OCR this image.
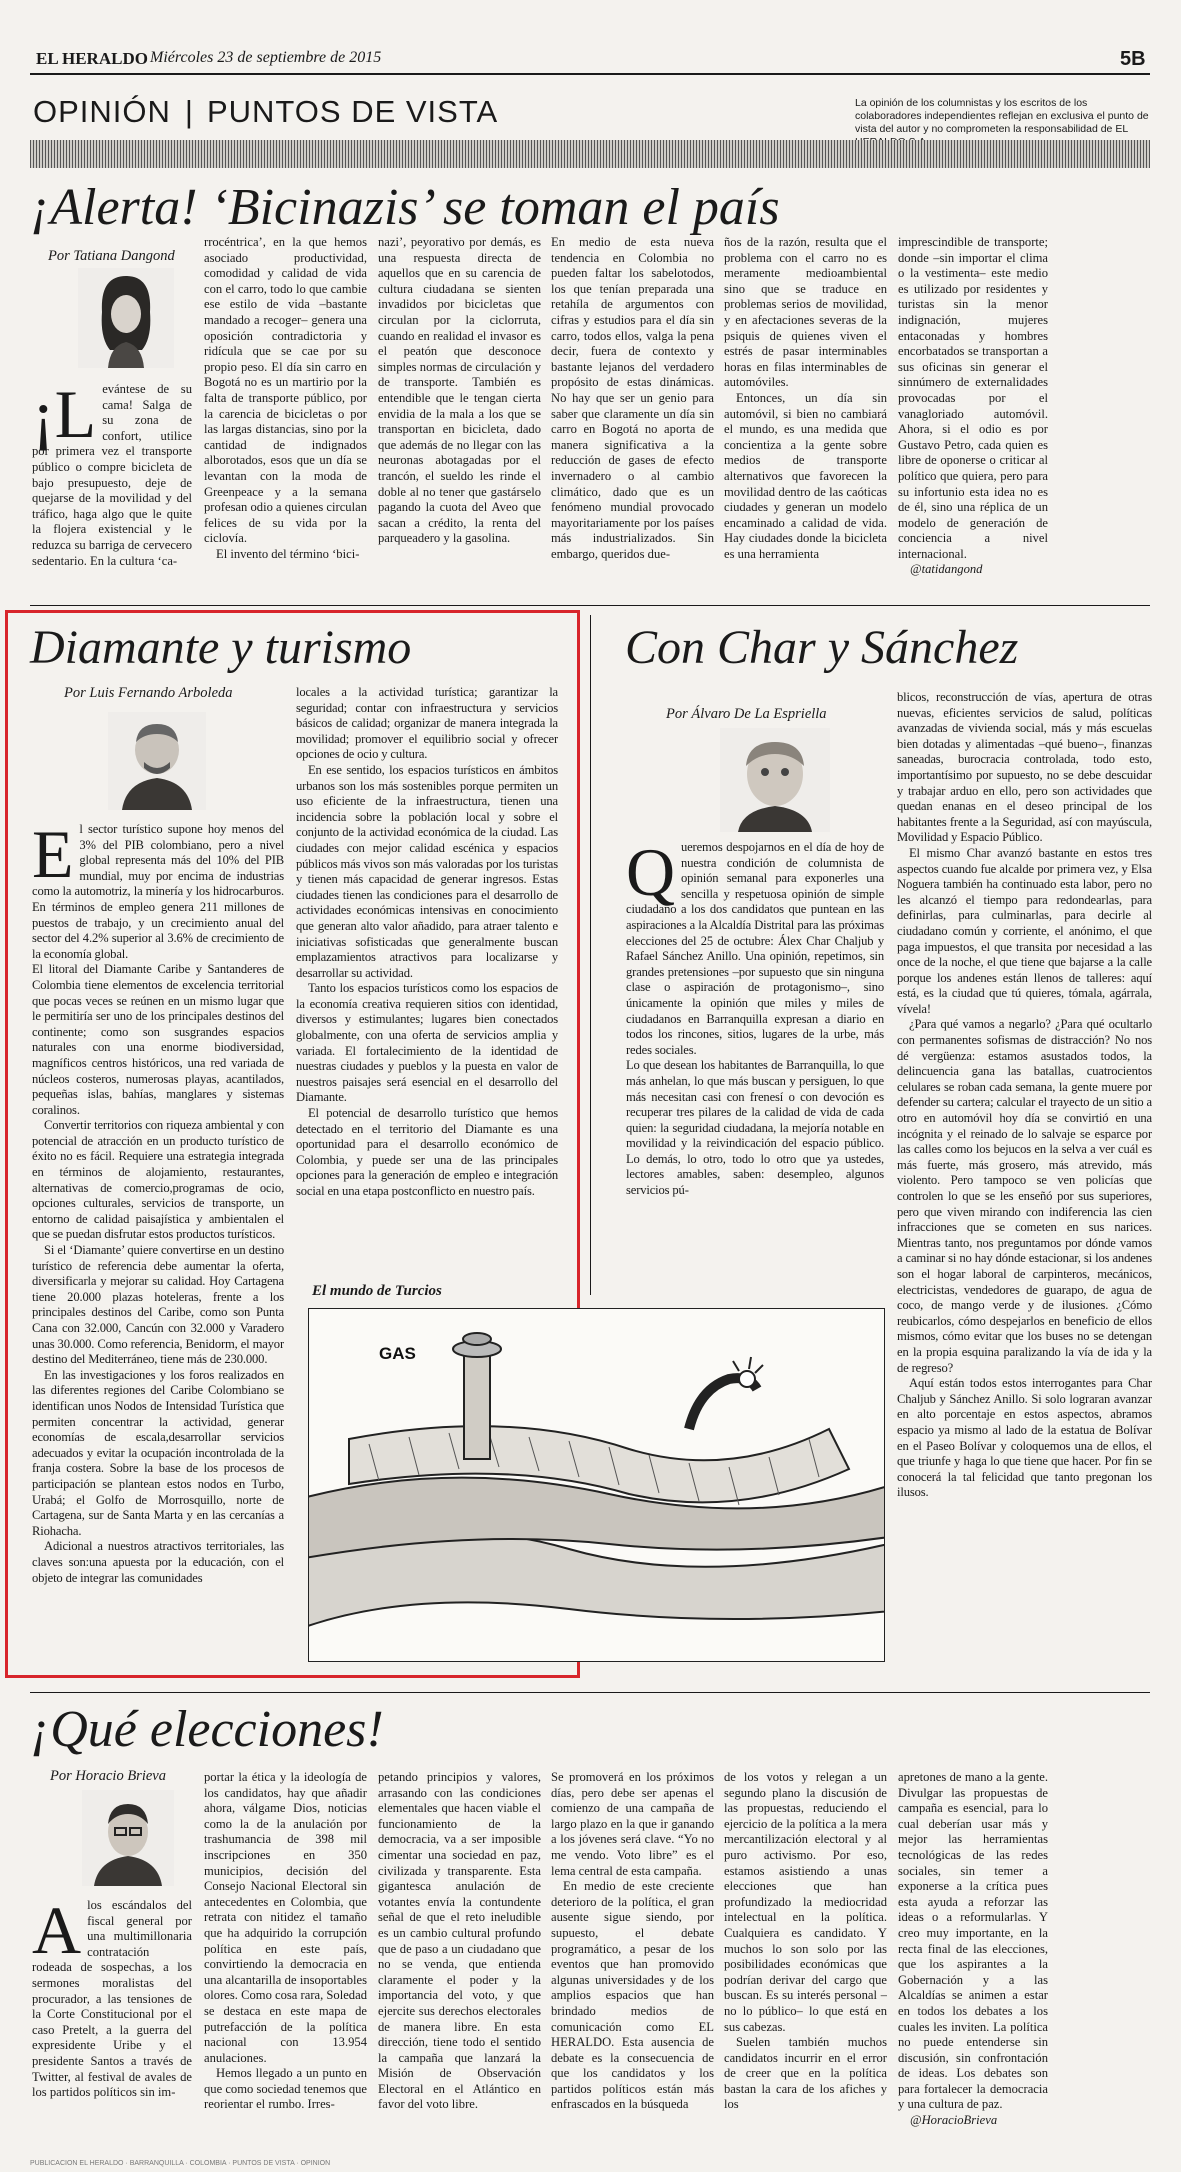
EL HERALDO Miércoles 23 de septiembre de 2015	5B
OPINIÓN | PUNTOS DE VISTA	La opinión de los columnistas y los escritos de los colaboradores independientes reflejan en exclusiva el punto de vista del autor y no comprometen la responsabilidad de EL
¡Alerta! ‘Bicinazis’ se toman el país
Por Tatiana Dangond
¡L evántese de su cama! Salga de su zona de confort, utilice por primera vez el transporte público o compre bicicleta de bajo presupuesto, deje de quejarse de la movilidad y del tráfico, haga algo que le quite la flojera existencial y le reduzca su barriga de cervecero sedentario. En la cultura ‘ca-

rrocéntrica’, en la que hemos asociado productividad, comodidad y calidad de vida con el carro, todo lo que cambie ese estilo de vida –bastante mandado a recoger– genera una oposición contradictoria y ridícula que se cae por su propio peso. El día sin carro en Bogotá no es un martirio por la falta de transporte público, por la carencia de bicicletas o por las largas distancias, sino por la cantidad de indignados alborotados, esos que un día se levantan con la moda de Greenpeace y a la semana profesan odio a quienes circulan felices de su vida por la ciclovía.

El invento del término ‘bici-

nazi’, peyorativo por demás, es una respuesta directa de aquellos que en su carencia de cultura ciudadana se sienten invadidos por bicicletas que circulan por la ciclorruta, cuando en realidad el invasor es el peatón que desconoce simples normas de circulación y de transporte. También es entendible que le tengan cierta envidia de la mala a los que se transportan en bicicleta, dado que además de no llegar con las neuronas abotagadas por el trancón, el sueldo les rinde el doble al no tener que gastárselo pagando la cuota del Aveo que sacan a crédito, la renta del parqueadero y la gasolina.

En medio de esta nueva tendencia en Colombia no pueden faltar los sabelotodos, los que tenían preparada una retahíla de argumentos con cifras y estudios para el día sin carro, todos ellos, valga la pena decir, fuera de contexto y bastante lejanos del verdadero propósito de estas dinámicas. No hay que ser un genio para saber que claramente un día sin carro en Bogotá no aporta de manera significativa a la reducción de gases de efecto invernadero o al cambio climático, dado que es un fenómeno mundial provocado mayoritariamente por los países más industrializados. Sin embargo, queridos due-

ños de la razón, resulta que el problema con el carro no es meramente medioambiental sino que se traduce en problemas serios de movilidad, y en afectaciones severas de la psiquis de quienes viven el estrés de pasar interminables horas en filas interminables de automóviles.

Entonces, un día sin automóvil, si bien no cambiará el mundo, es una medida que concientiza a la gente sobre medios de transporte alternativos que favorecen la movilidad dentro de las caóticas ciudades y generan un modelo encaminado a calidad de vida. Hay ciudades donde la bicicleta es una herramienta

imprescindible de transporte; donde –sin importar el clima o la vestimenta– este medio es utilizado por residentes y turistas sin la menor indignación, mujeres entaconadas y hombres encorbatados se transportan a sus oficinas sin generar el sinnúmero de externalidades provocadas por el vanagloriado automóvil. Ahora, si el odio es por Gustavo Petro, cada quien es libre de oponerse o criticar al político que quiera, pero para su infortunio esta idea no es de él, sino una réplica de un modelo de generación de conciencia a nivel internacional.

@tatidangond

Diamante y turismo
Por Luis Fernando Arboleda
El sector turístico supone hoy menos del 3% del PIB colombiano, pero a nivel global representa más del 10% del PIB mundial, muy por encima de industrias como la automotriz, la minería y los hidrocarburos. En términos de empleo genera 211 millones de puestos de trabajo, y un crecimiento anual del sector del 4.2% superior al 3.6% de crecimiento de la economía global.

El litoral del Diamante Caribe y Santanderes de Colombia tiene elementos de excelencia territorial que pocas veces se reúnen en un mismo lugar que le permitiría ser uno de los principales destinos del continente; como son susgrandes espacios naturales con una enorme biodiversidad, magníficos centros históricos, una red variada de núcleos costeros, numerosas playas, acantilados, pequeñas islas, bahías, manglares y sistemas coralinos.

Convertir territorios con riqueza ambiental y con potencial de atracción en un producto turístico de éxito no es fácil. Requiere una estrategia integrada en términos de alojamiento, restaurantes, alternativas de comercio,programas de ocio, opciones culturales, servicios de transporte, un entorno de calidad paisajística y ambientalen el que se puedan disfrutar estos productos turísticos.

Si el ‘Diamante’ quiere convertirse en un destino turístico de referencia debe aumentar la oferta, diversificarla y mejorar su calidad. Hoy Cartagena tiene 20.000 plazas hoteleras, frente a los principales destinos del Caribe, como son Punta Cana con 32.000, Cancún con 32.000 y Varadero unas 30.000. Como referencia, Benidorm, el mayor destino del Mediterráneo, tiene más de 230.000.

En las investigaciones y los foros realizados en las diferentes regiones del Caribe Colombiano se identifican unos Nodos de Intensidad Turística que permiten concentrar la actividad, generar economías de escala,desarrollar servicios adecuados y evitar la ocupación incontrolada de la franja costera. Sobre la base de los procesos de participación se plantean estos nodos en Turbo, Urabá; el Golfo de Morrosquillo, norte de Cartagena, sur de Santa Marta y en las cercanías a Riohacha.

Adicional a nuestros atractivos territoriales, las claves son:una apuesta por la educación, con el objeto de integrar las comunidades

locales a la actividad turística; garantizar la seguridad; contar con infraestructura y servicios básicos de calidad; organizar de manera integrada la movilidad; promover el equilibrio social y ofrecer opciones de ocio y cultura.

En ese sentido, los espacios turísticos en ámbitos urbanos son los más sostenibles porque permiten un uso eficiente de la infraestructura, tienen una incidencia sobre la población local y sobre el conjunto de la actividad económica de la ciudad. Las ciudades con mejor calidad escénica y espacios públicos más vivos son más valoradas por los turistas y tienen más capacidad de generar ingresos. Estas ciudades tienen las condiciones para el desarrollo de actividades económicas intensivas en conocimiento que generan alto valor añadido, para atraer talento e iniciativas sofisticadas que generalmente buscan emplazamientos atractivos para localizarse y desarrollar su actividad.

Tanto los espacios turísticos como los espacios de la economía creativa requieren sitios con identidad, diversos y estimulantes; lugares bien conectados globalmente, con una oferta de servicios amplia y variada. El fortalecimiento de la identidad de nuestras ciudades y pueblos y la puesta en valor de nuestros paisajes será esencial en el desarrollo del Diamante.

El potencial de desarrollo turístico que hemos detectado en el territorio del Diamante es una oportunidad para el desarrollo económico de Colombia, y puede ser una de las principales opciones para la generación de empleo e integración social en una etapa postconflicto en nuestro país.

Con Char y Sánchez
Por Álvaro De La Espriella
Queremos despojarnos en el día de hoy de nuestra condición de columnista de opinión semanal para exponerles una sencilla y respetuosa opinión de simple ciudadano a los dos candidatos que puntean en las aspiraciones a la Alcaldía Distrital para las próximas elecciones del 25 de octubre: Álex Char Chaljub y Rafael Sánchez Anillo. Una opinión, repetimos, sin grandes pretensiones –por supuesto que sin ninguna clase o aspiración de protagonismo–, sino únicamente la opinión que miles y miles de ciudadanos en Barranquilla expresan a diario en todos los rincones, sitios, lugares de la urbe, más redes sociales.

Lo que desean los habitantes de Barranquilla, lo que más anhelan, lo que más buscan y persiguen, lo que más necesitan casi con frenesí o con devoción es recuperar tres pilares de la calidad de vida de cada quien: la seguridad ciudadana, la mejoría notable en movilidad y la reivindicación del espacio público. Lo demás, lo otro, todo lo otro que ya ustedes, lectores amables, saben: desempleo, algunos servicios pú-

blicos, reconstrucción de vías, apertura de otras nuevas, eficientes servicios de salud, políticas avanzadas de vivienda social, más y más escuelas bien dotadas y alimentadas –qué bueno–, finanzas saneadas, burocracia controlada, todo esto, importantísimo por supuesto, no se debe descuidar y trabajar arduo en ello, pero son actividades que quedan enanas en el deseo principal de los habitantes frente a la Seguridad, así con mayúscula, Movilidad y Espacio Público.

El mismo Char avanzó bastante en estos tres aspectos cuando fue alcalde por primera vez, y Elsa Noguera también ha continuado esta labor, pero no les alcanzó el tiempo para redondearlas, para definirlas, para culminarlas, para decirle al ciudadano común y corriente, el anónimo, el que paga impuestos, el que transita por necesidad a las once de la noche, el que tiene que bajarse a la calle porque los andenes están llenos de talleres: aquí está, es la ciudad que tú quieres, tómala, agárrala, vívela!

¿Para qué vamos a negarlo? ¿Para qué ocultarlo con permanentes sofismas de distracción? No nos dé vergüenza: estamos asustados todos, la delincuencia gana las batallas, cuatrocientos celulares se roban cada semana, la gente muere por defender su cartera; calcular el trayecto de un sitio a otro en automóvil hoy día se convirtió en una incógnita y el reinado de lo salvaje se esparce por las calles como los bejucos en la selva a ver cuál es más fuerte, más grosero, más atrevido, más violento. Pero tampoco se ven policías que controlen lo que se les enseñó por sus superiores, pero que viven mirando con indiferencia las cien infracciones que se cometen en sus narices. Mientras tanto, nos preguntamos por dónde vamos a caminar si no hay dónde estacionar, si los andenes son el hogar laboral de carpinteros, mecánicos, electricistas, vendedores de guarapo, de agua de coco, de mango verde y de ilusiones. ¿Cómo reubicarlos, cómo despejarlos en beneficio de ellos mismos, cómo evitar que los buses no se detengan en la propia esquina paralizando la vía de ida y la de regreso?

Aquí están todos estos interrogantes para Char Chaljub y Sánchez Anillo. Si solo lograran avanzar en alto porcentaje en estos aspectos, abramos espacio ya mismo al lado de la estatua de Bolívar en el Paseo Bolívar y coloquemos una de ellos, el que triunfe y haga lo que tiene que hacer. Por fin se conocerá la tal felicidad que tanto pregonan los ilusos.

El mundo de Turcios
GAS
¡Qué elecciones!
Por Horacio Brieva
Alos escándalos del fiscal general por una multimillonaria contratación rodeada de sospechas, a los sermones moralistas del procurador, a las tensiones de la Corte Constitucional por el caso Pretelt, a la guerra del expresidente Uribe y el presidente Santos a través de Twitter, al festival de avales de los partidos políticos sin im-

portar la ética y la ideología de los candidatos, hay que añadir ahora, válgame Dios, noticias como la de la anulación por trashumancia de 398 mil inscripciones en 350 municipios, decisión del Consejo Nacional Electoral sin antecedentes en Colombia, que retrata con nitidez el tamaño que ha adquirido la corrupción política en este país, convirtiendo la democracia en una alcantarilla de insoportables olores. Como cosa rara, Soledad se destaca en este mapa de putrefacción de la política nacional con 13.954 anulaciones.

Hemos llegado a un punto en que como sociedad tenemos que reorientar el rumbo. Irres-

petando principios y valores, arrasando con las condiciones elementales que hacen viable el funcionamiento de la democracia, va a ser imposible cimentar una sociedad en paz, civilizada y transparente. Esta gigantesca anulación de votantes envía la contundente señal de que el reto ineludible es un cambio cultural profundo que de paso a un ciudadano que no se venda, que entienda claramente el poder y la importancia del voto, y que ejercite sus derechos electorales de manera libre. En esta dirección, tiene todo el sentido la campaña que lanzará la Misión de Observación Electoral en el Atlántico en favor del voto libre.

Se promoverá en los próximos días, pero debe ser apenas el comienzo de una campaña de largo plazo en la que ir ganando a los jóvenes será clave. “Yo no me vendo. Voto libre” es el lema central de esta campaña.

En medio de este creciente deterioro de la política, el gran ausente sigue siendo, por supuesto, el debate programático, a pesar de los eventos que han promovido algunas universidades y de los amplios espacios que han brindado medios de comunicación como EL HERALDO. Esta ausencia de debate es la consecuencia de que los candidatos y los partidos políticos están más enfrascados en la búsqueda

de los votos y relegan a un segundo plano la discusión de las propuestas, reduciendo el ejercicio de la política a la mera mercantilización electoral y al puro activismo. Por eso, estamos asistiendo a unas elecciones que han profundizado la mediocridad intelectual en la política. Cualquiera es candidato. Y muchos lo son solo por las posibilidades económicas que podrían derivar del cargo que buscan. Es su interés personal –no lo público– lo que está en sus cabezas.

Suelen también muchos candidatos incurrir en el error de creer que en la política bastan la cara de los afiches y los

apretones de mano a la gente. Divulgar las propuestas de campaña es esencial, para lo cual deberían usar más y mejor las herramientas tecnológicas de las redes sociales, sin temer a exponerse a la crítica pues esta ayuda a reforzar las ideas o a reformularlas. Y creo muy importante, en la recta final de las elecciones, que los aspirantes a la Gobernación y a las Alcaldías se animen a estar en todos los debates a los cuales les inviten. La política no puede entenderse sin discusión, sin confrontación de ideas. Los debates son para fortalecer la democracia y una cultura de paz.

@HoracioBrieva

PUBLICACIÓN EL HERALDO · BARRANQUILLA · COLOMBIA · PUNTOS DE VISTA · OPINIÓN
